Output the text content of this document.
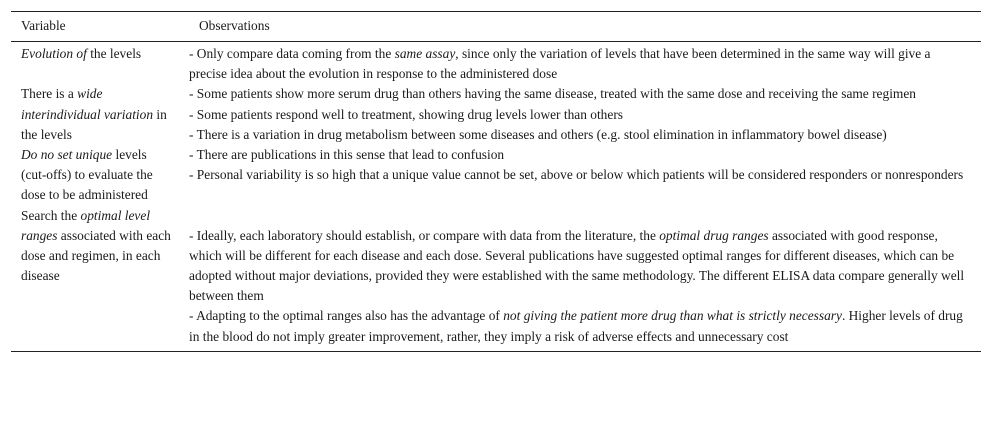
Variable	Observations
Evolution of the levels	- Only compare data coming from the same assay, since only the variation of levels that have been determined in the same way will give a precise idea about the evolution in response to the administered dose
There is a wide interindividual variation in the levels
- Some patients show more serum drug than others having the same disease, treated with the same dose and receiving the same regimen
- Some patients respond well to treatment, showing drug levels lower than others
- There is a variation in drug metabolism between some diseases and others (e.g. stool elimination in inflammatory bowel disease)
Do no set unique levels (cut-offs) to evaluate the dose to be administered
- There are publications in this sense that lead to confusion
- Personal variability is so high that a unique value cannot be set, above or below which patients will be considered responders or nonresponders
Search the optimal level ranges associated with each dose and regimen, in each disease
- Ideally, each laboratory should establish, or compare with data from the literature, the optimal drug ranges associated with good response, which will be different for each disease and each dose. Several publications have suggested optimal ranges for different diseases, which can be adopted without major deviations, provided they were established with the same methodology. The different ELISA data compare generally well between them
- Adapting to the optimal ranges also has the advantage of not giving the patient more drug than what is strictly necessary. Higher levels of drug in the blood do not imply greater improvement, rather, they imply a risk of adverse effects and unnecessary cost
